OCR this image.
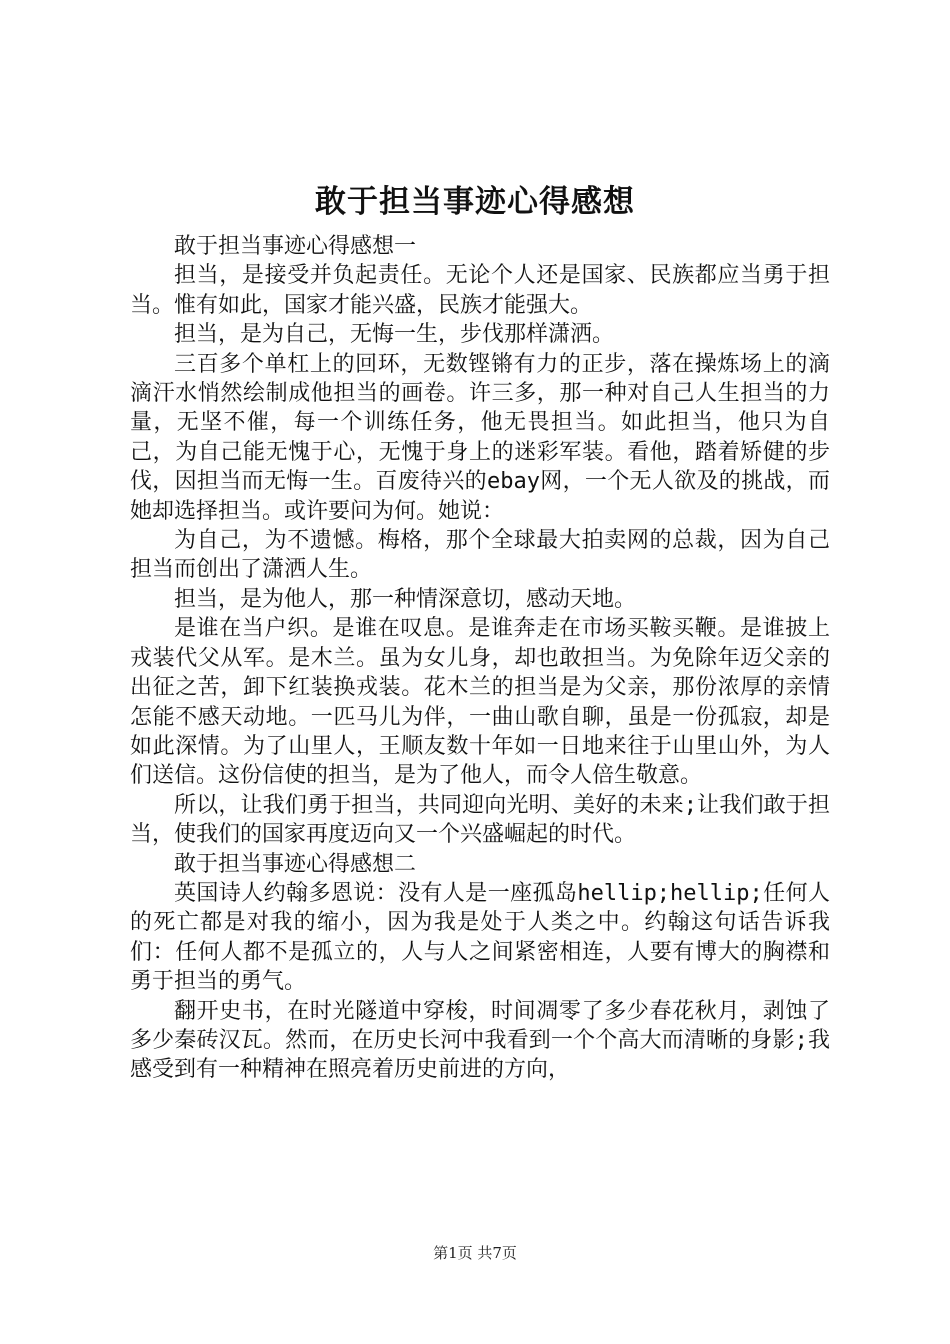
敢于担当事迹心得感想

敢于担当事迹心得感想一

担当，是接受并负起责任。无论个人还是国家、民族都应当勇于担当。惟有如此，国家才能兴盛，民族才能强大。

担当，是为自己，无悔一生，步伐那样潇洒。

三百多个单杠上的回环，无数铿锵有力的正步，落在操炼场上的滴滴汗水悄然绘制成他担当的画卷。许三多，那一种对自己人生担当的力量，无坚不催，每一个训练任务，他无畏担当。如此担当，他只为自己，为自己能无愧于心，无愧于身上的迷彩军装。看他，踏着矫健的步伐，因担当而无悔一生。百废待兴的ebay网，一个无人欲及的挑战，而她却选择担当。或许要问为何。她说：

为自己，为不遗憾。梅格，那个全球最大拍卖网的总裁，因为自己担当而创出了潇洒人生。

担当，是为他人，那一种情深意切，感动天地。

是谁在当户织。是谁在叹息。是谁奔走在市场买鞍买鞭。是谁披上戎装代父从军。是木兰。虽为女儿身，却也敢担当。为免除年迈父亲的出征之苦，卸下红装换戎装。花木兰的担当是为父亲，那份浓厚的亲情怎能不感天动地。一匹马儿为伴，一曲山歌自聊，虽是一份孤寂，却是如此深情。为了山里人，王顺友数十年如一日地来往于山里山外，为人们送信。这份信使的担当，是为了他人，而令人倍生敬意。

所以，让我们勇于担当，共同迎向光明、美好的未来;让我们敢于担当，使我们的国家再度迈向又一个兴盛崛起的时代。

敢于担当事迹心得感想二

英国诗人约翰多恩说：没有人是一座孤岛hellip;hellip;任何人的死亡都是对我的缩小，因为我是处于人类之中。约翰这句话告诉我们：任何人都不是孤立的，人与人之间紧密相连，人要有博大的胸襟和勇于担当的勇气。

翻开史书，在时光隧道中穿梭，时间凋零了多少春花秋月，剥蚀了多少秦砖汉瓦。然而，在历史长河中我看到一个个高大而清晰的身影;我感受到有一种精神在照亮着历史前进的方向，

第1页 共7页
